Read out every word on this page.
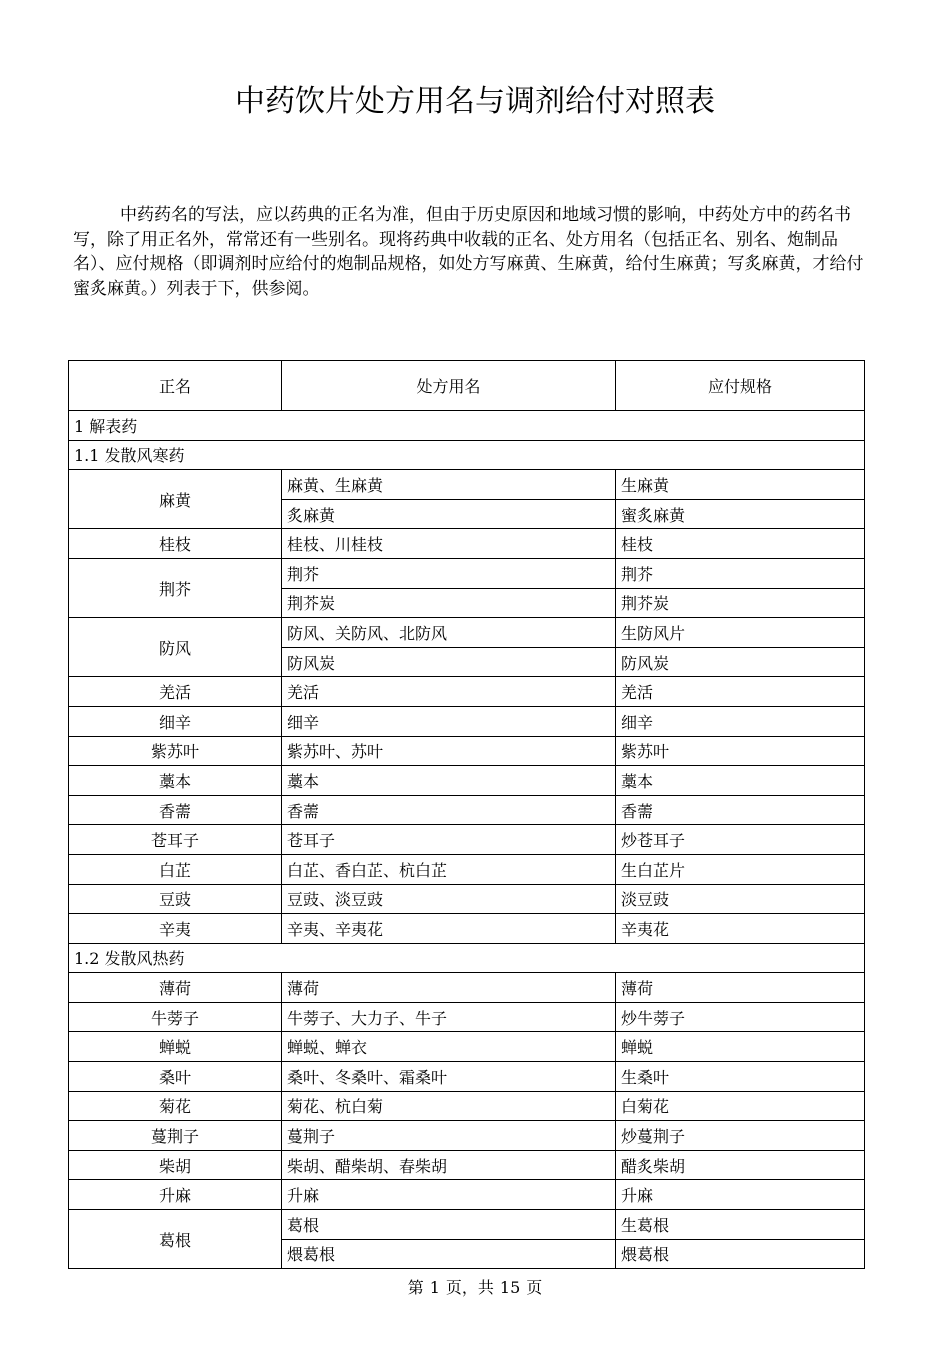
中药饮片处方用名与调剂给付对照表

中药药名的写法，应以药典的正名为准，但由于历史原因和地域习惯的影响，中药处方中的药名书写，除了用正名外，常常还有一些别名。现将药典中收载的正名、处方用名（包括正名、别名、炮制品名）、应付规格（即调剂时应给付的炮制品规格，如处方写麻黄、生麻黄，给付生麻黄；写炙麻黄，才给付蜜炙麻黄。）列表于下，供参阅。

正名	处方用名	应付规格
1 解表药		
1.1 发散风寒药		
麻黄	麻黄、生麻黄	生麻黄
	炙麻黄	蜜炙麻黄
桂枝	桂枝、川桂枝	桂枝
荆芥	荆芥	荆芥
	荆芥炭	荆芥炭
防风	防风、关防风、北防风	生防风片
	防风炭	防风炭
羌活	羌活	羌活
细辛	细辛	细辛
紫苏叶	紫苏叶、苏叶	紫苏叶
藁本	藁本	藁本
香薷	香薷	香薷
苍耳子	苍耳子	炒苍耳子
白芷	白芷、香白芷、杭白芷	生白芷片
豆豉	豆豉、淡豆豉	淡豆豉
辛夷	辛夷、辛夷花	辛夷花
1.2 发散风热药		
薄荷	薄荷	薄荷
牛蒡子	牛蒡子、大力子、牛子	炒牛蒡子
蝉蜕	蝉蜕、蝉衣	蝉蜕
桑叶	桑叶、冬桑叶、霜桑叶	生桑叶
菊花	菊花、杭白菊	白菊花
蔓荆子	蔓荆子	炒蔓荆子
柴胡	柴胡、醋柴胡、春柴胡	醋炙柴胡
升麻	升麻	升麻
葛根	葛根	生葛根
	煨葛根	煨葛根
第 1 页，共 15 页
